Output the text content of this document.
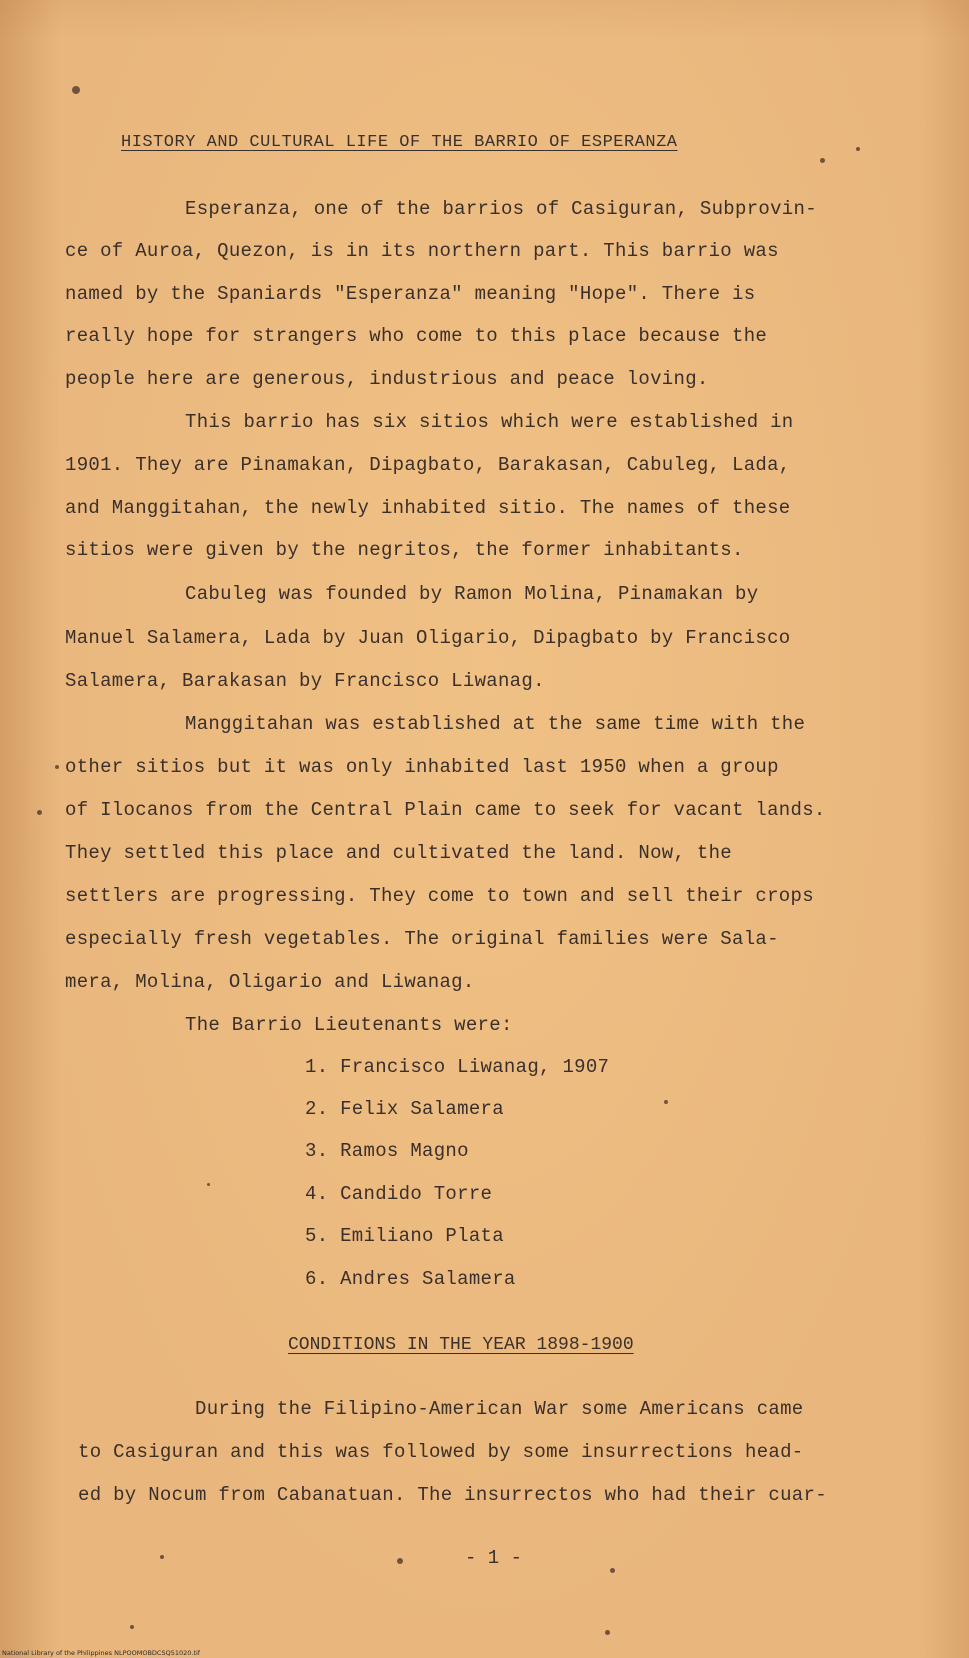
HISTORY AND CULTURAL LIFE OF THE BARRIO OF ESPERANZA
Esperanza, one of the barrios of Casiguran, Subprovin-
ce of Auroa, Quezon, is in its northern part. This barrio was
named by the Spaniards "Esperanza" meaning "Hope". There is
really hope for strangers who come to this place because the
people here are generous, industrious and peace loving.
This barrio has six sitios which were established in
1901. They are Pinamakan, Dipagbato, Barakasan, Cabuleg, Lada,
and Manggitahan, the newly inhabited sitio. The names of these
sitios were given by the negritos, the former inhabitants.
Cabuleg was founded by Ramon Molina, Pinamakan by
Manuel Salamera, Lada by Juan Oligario, Dipagbato by Francisco
Salamera, Barakasan by Francisco Liwanag.
Manggitahan was established at the same time with the
other sitios but it was only inhabited last 1950 when a group
of Ilocanos from the Central Plain came to seek for vacant lands.
They settled this place and cultivated the land. Now, the
settlers are progressing. They come to town and sell their crops
especially fresh vegetables. The original families were Sala-
mera, Molina, Oligario and Liwanag.
The Barrio Lieutenants were:
1. Francisco Liwanag, 1907
2. Felix Salamera
3. Ramos Magno
4. Candido Torre
5. Emiliano Plata
6. Andres Salamera
CONDITIONS IN THE YEAR 1898-1900
During the Filipino-American War some Americans came
to Casiguran and this was followed by some insurrections head-
ed by Nocum from Cabanatuan. The insurrectos who had their cuar-
- 1 -
National Library of the Philippines NLPOOMOBDCSQ51020.tif
